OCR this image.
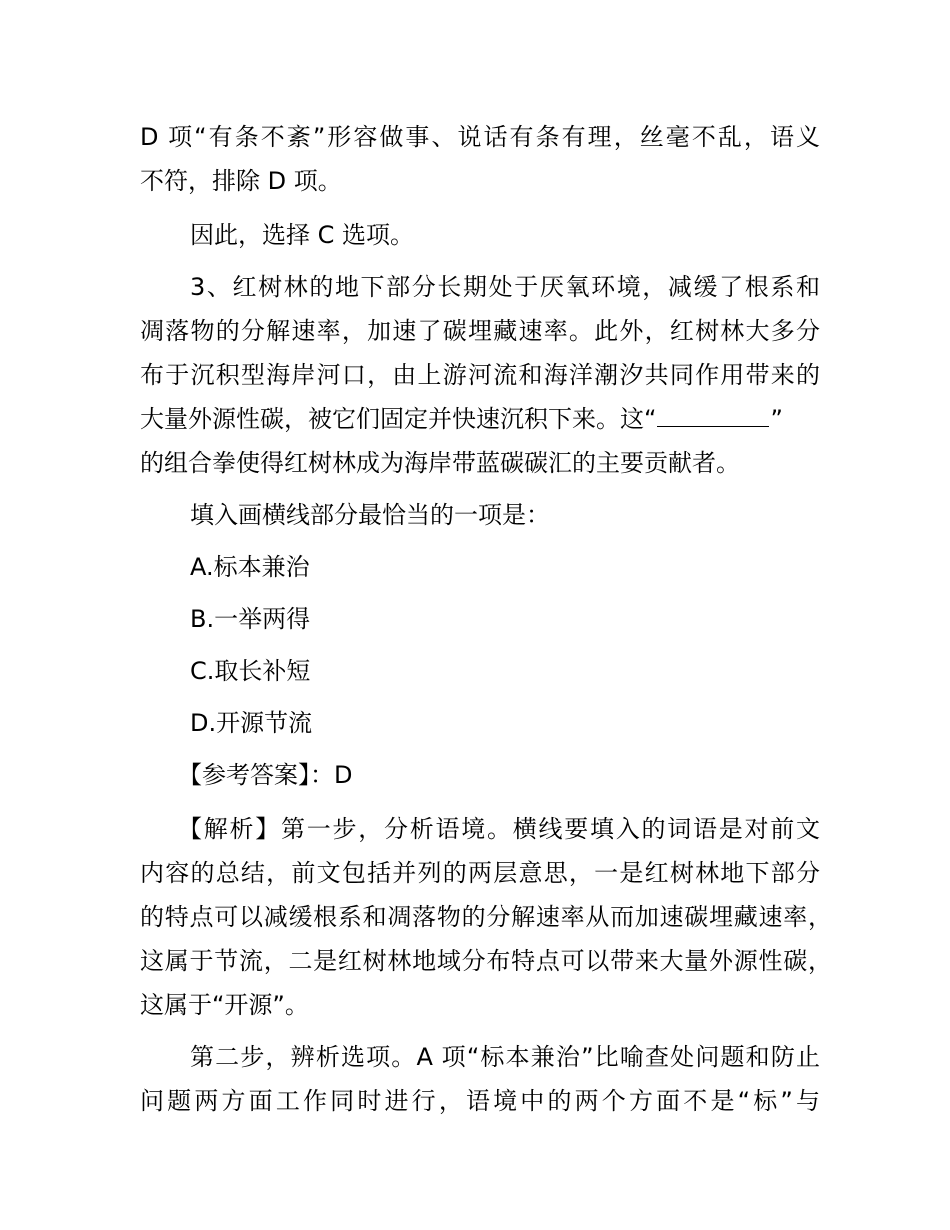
D 项“有条不紊”形容做事、说话有条有理，丝毫不乱，语义
不符，排除 D 项。
因此，选择 C 选项。
3、红树林的地下部分长期处于厌氧环境，减缓了根系和
凋落物的分解速率，加速了碳埋藏速率。此外，红树林大多分
布于沉积型海岸河口，由上游河流和海洋潮汐共同作用带来的
大量外源性碳，被它们固定并快速沉积下来。这“	”
的组合拳使得红树林成为海岸带蓝碳碳汇的主要贡献者。
填入画横线部分最恰当的一项是：
A.标本兼治
B.一举两得
C.取长补短
D.开源节流
【参考答案】：D
【解析】第一步，分析语境。横线要填入的词语是对前文
内容的总结，前文包括并列的两层意思，一是红树林地下部分
的特点可以减缓根系和凋落物的分解速率从而加速碳埋藏速率，
这属于节流，二是红树林地域分布特点可以带来大量外源性碳，
这属于“开源”。
第二步，辨析选项。A 项“标本兼治”比喻查处问题和防止
问题两方面工作同时进行，语境中的两个方面不是“标”与
